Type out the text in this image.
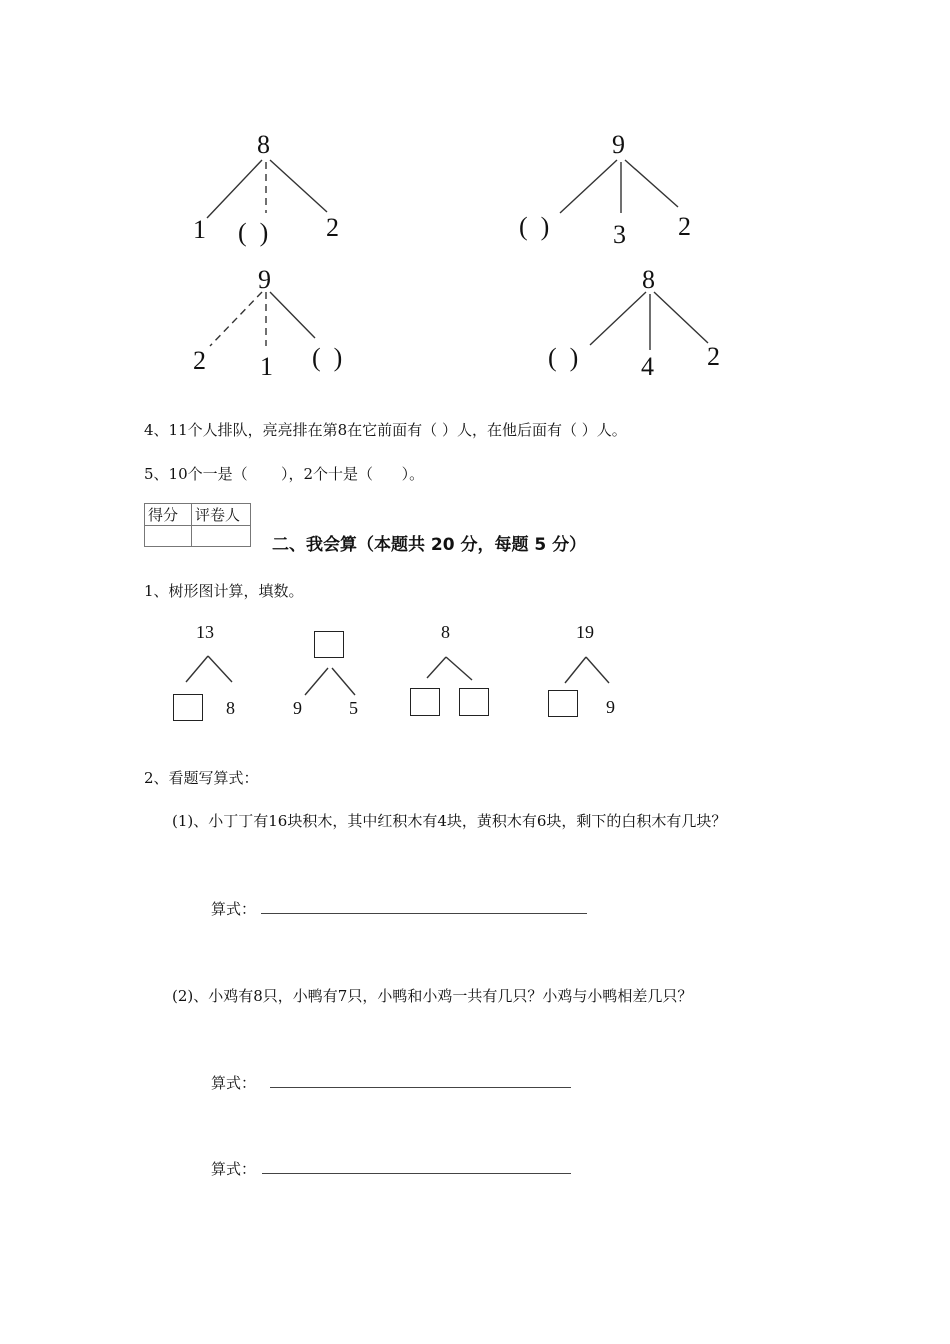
8
1 (  ) 2
9
(  ) 3 2
9
2 1 (  )
8
(  ) 4 2
4、11个人排队，亮亮排在第8在它前面有（ ）人，在他后面有（ ）人。
5、10个一是（       ），2个十是（      ）。
得分	评卷人

二、我会算（本题共 20 分，每题 5 分）
1、树形图计算，填数。
13
8	9	5
8	19
9
2、看题写算式：
(1)、小丁丁有16块积木，其中红积木有4块，黄积木有6块，剩下的白积木有几块？
算式：
(2)、小鸡有8只，小鸭有7只，小鸭和小鸡一共有几只？小鸡与小鸭相差几只？
算式：
算式：
